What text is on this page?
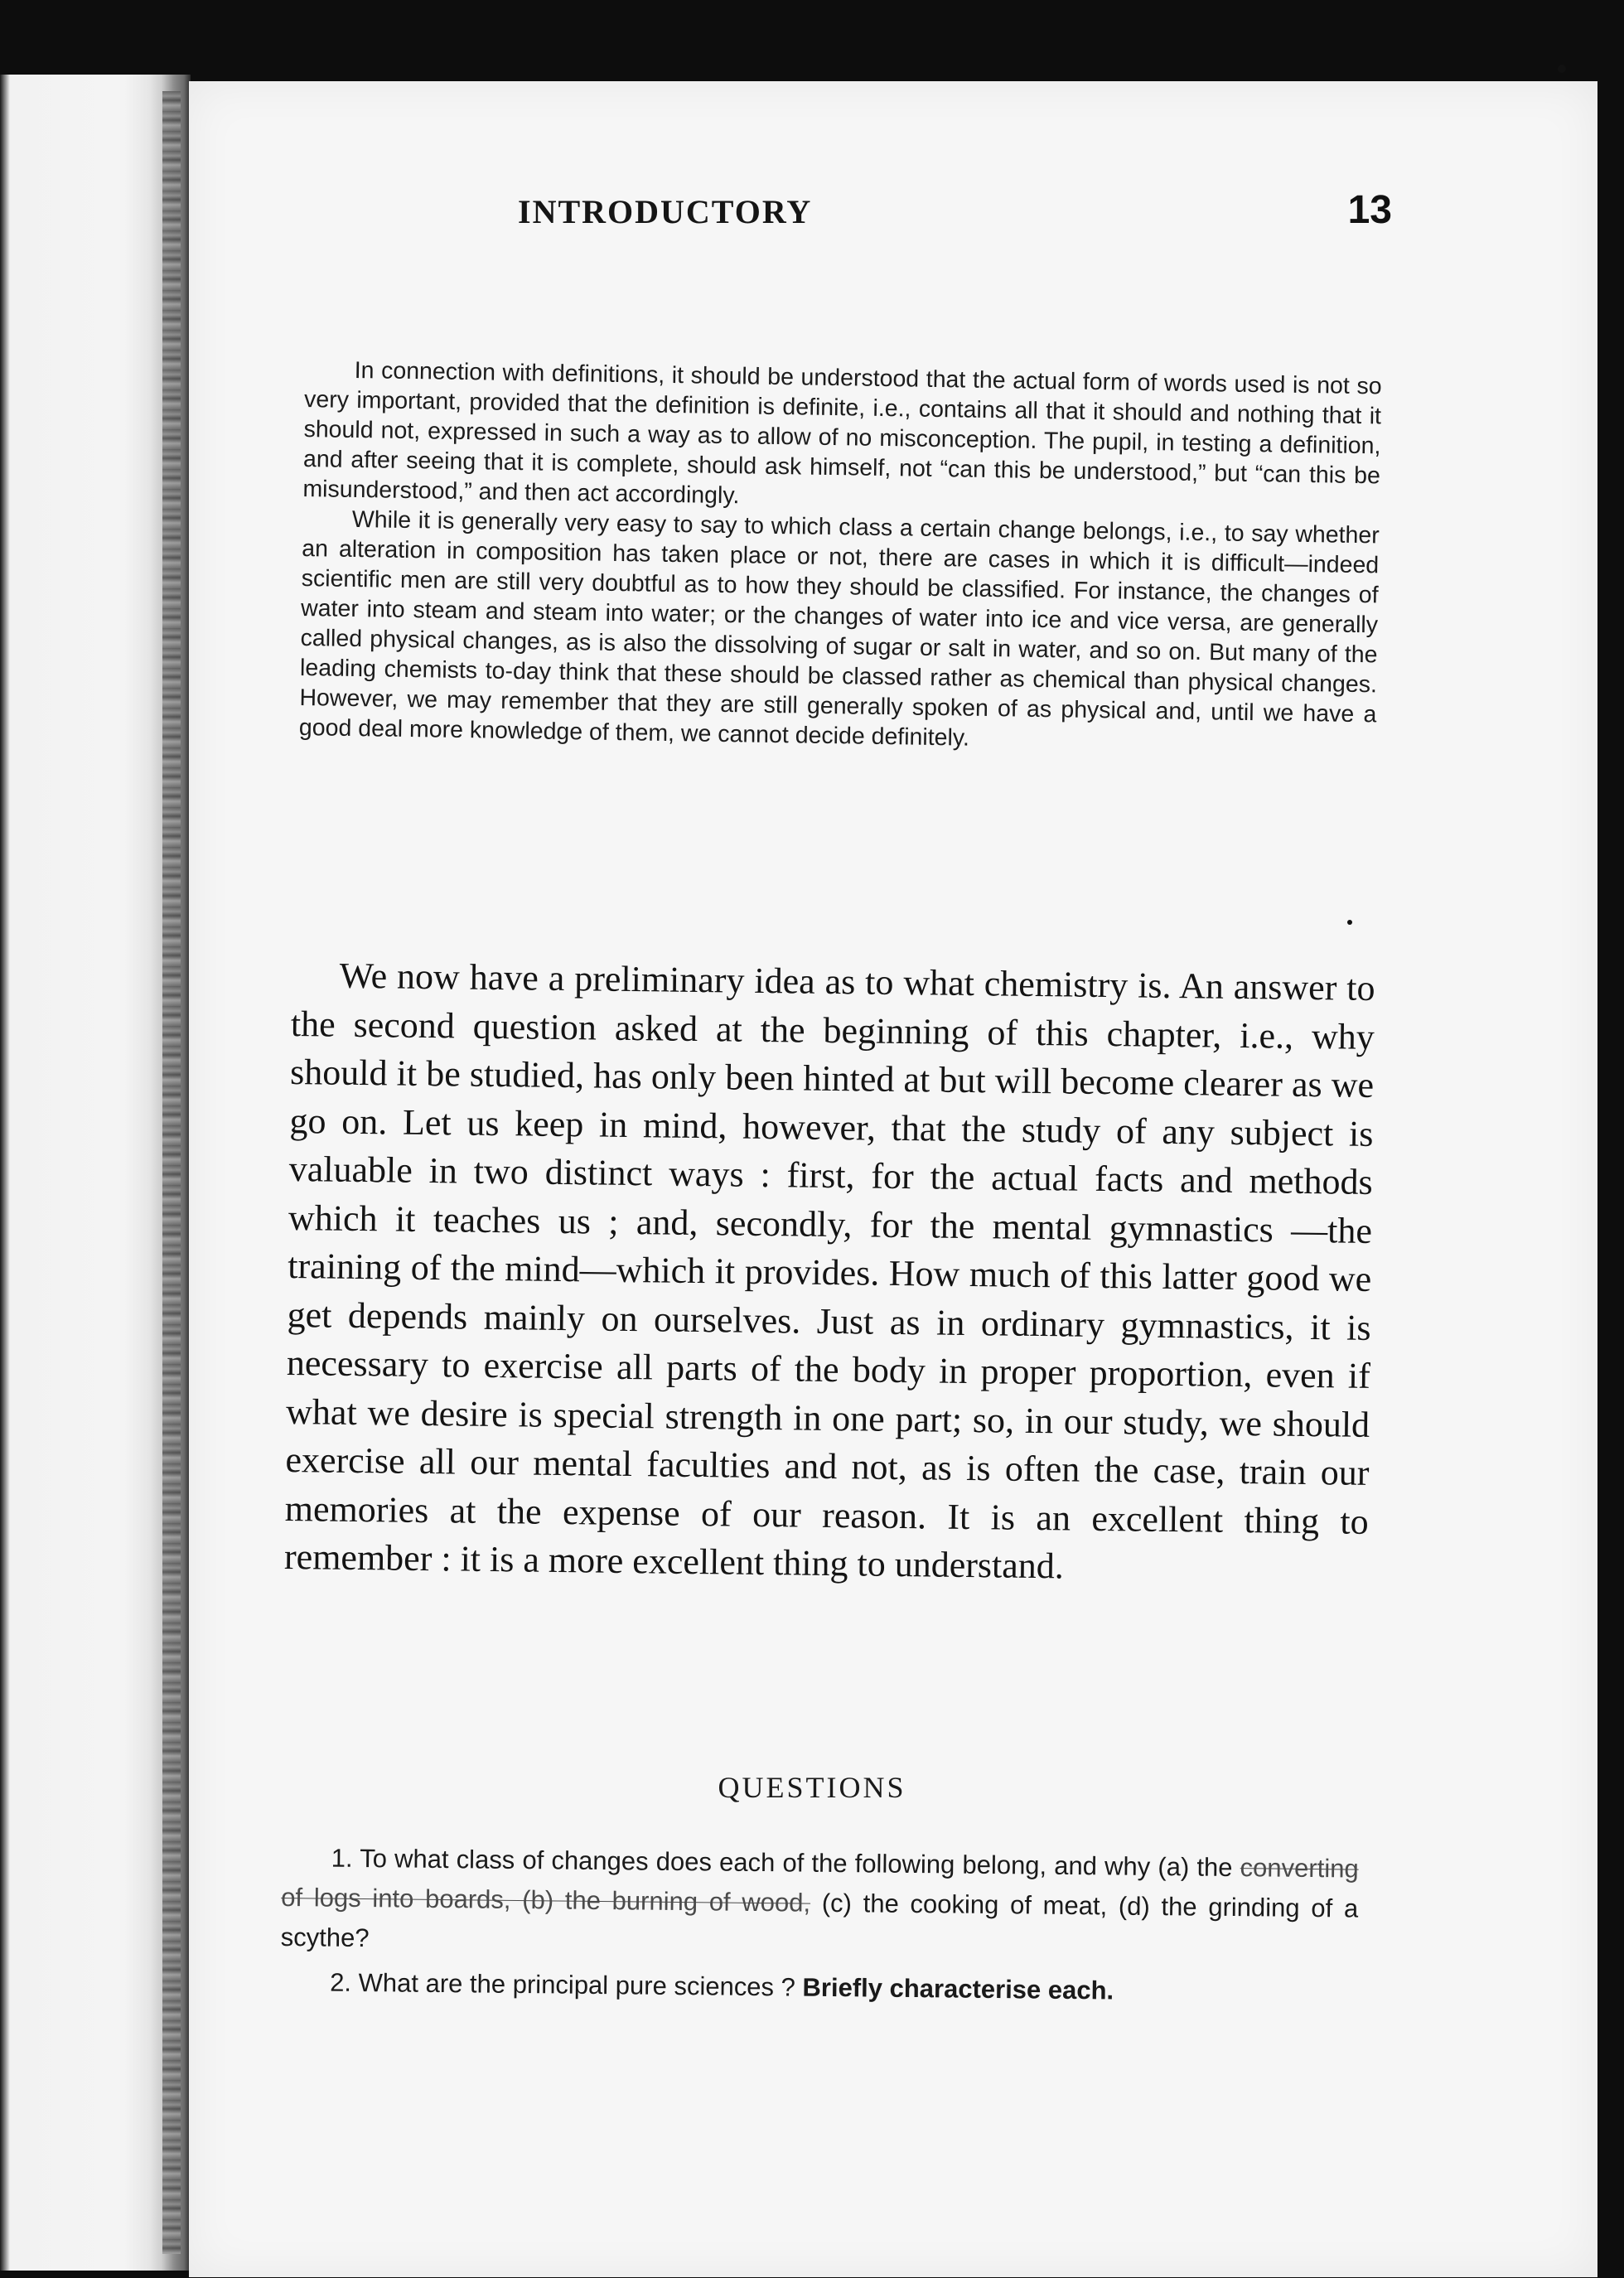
INTRODUCTORY	13

In connection with definitions, it should be understood that the actual form of words used is not so very important, provided that the definition is definite, i.e., contains all that it should and nothing that it should not, expressed in such a way as to allow of no misconception. The pupil, in testing a definition, and after seeing that it is complete, should ask himself, not “can this be understood,” but “can this be misunderstood,” and then act accordingly.

While it is generally very easy to say to which class a certain change belongs, i.e., to say whether an alteration in composition has taken place or not, there are cases in which it is difficult—indeed scientific men are still very doubtful as to how they should be classified. For instance, the changes of water into steam and steam into water; or the changes of water into ice and vice versa, are generally called physical changes, as is also the dissolving of sugar or salt in water, and so on. But many of the leading chemists to-day think that these should be classed rather as chemical than physical changes. However, we may remember that they are still generally spoken of as physical and, until we have a good deal more knowledge of them, we cannot decide definitely.

We now have a preliminary idea as to what chemistry is. An answer to the second question asked at the beginning of this chapter, i.e., why should it be studied, has only been hinted at but will become clearer as we go on. Let us keep in mind, however, that the study of any subject is valuable in two distinct ways : first, for the actual facts and methods which it teaches us ; and, secondly, for the mental gymnastics —the training of the mind—which it provides. How much of this latter good we get depends mainly on ourselves. Just as in ordinary gymnastics, it is necessary to exercise all parts of the body in proper proportion, even if what we desire is special strength in one part; so, in our study, we should exercise all our mental faculties and not, as is often the case, train our memories at the expense of our reason. It is an excellent thing to remember : it is a more excellent thing to understand.

QUESTIONS

1. To what class of changes does each of the following belong, and why (a) the converting of logs into boards, (b) the burning of wood, (c) the cooking of meat, (d) the grinding of a scythe?

2. What are the principal pure sciences ? Briefly characterise each.
